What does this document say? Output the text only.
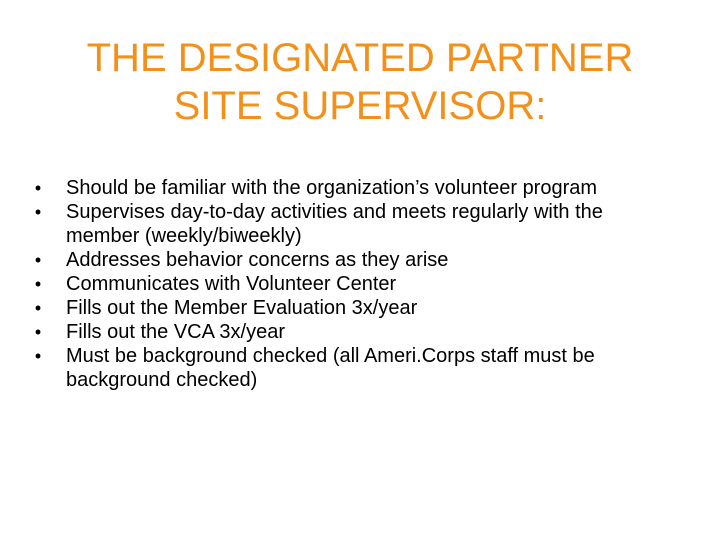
THE DESIGNATED PARTNER
SITE SUPERVISOR:
•	Should be familiar with the organization’s volunteer program
•	Supervises day-to-day activities and meets regularly with the member (weekly/biweekly)
•	Addresses behavior concerns as they arise
•	Communicates with Volunteer Center
•	Fills out the Member Evaluation 3x/year
•	Fills out the VCA 3x/year
•	Must be background checked (all Ameri.Corps staff must be background checked)
